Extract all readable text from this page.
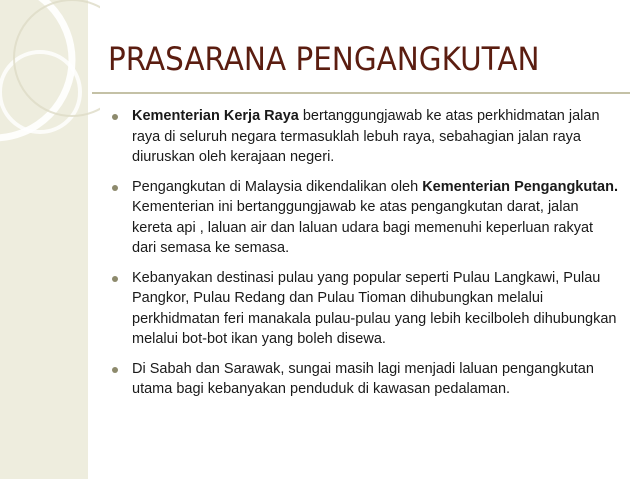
PRASARANA PENGANGKUTAN
Kementerian Kerja Raya bertanggungjawab ke atas perkhidmatan jalan raya di seluruh negara termasuklah lebuh raya, sebahagian jalan raya diuruskan oleh kerajaan negeri.
Pengangkutan di Malaysia dikendalikan oleh Kementerian Pengangkutan. Kementerian ini bertanggungjawab ke atas pengangkutan darat, jalan kereta api , laluan air dan laluan udara bagi memenuhi keperluan rakyat dari semasa ke semasa.
Kebanyakan destinasi pulau yang popular seperti Pulau Langkawi, Pulau Pangkor, Pulau Redang dan Pulau Tioman dihubungkan melalui perkhidmatan feri manakala pulau-pulau yang lebih kecilboleh dihubungkan melalui bot-bot ikan yang boleh disewa.
Di Sabah dan Sarawak, sungai masih lagi menjadi laluan pengangkutan utama bagi kebanyakan penduduk di kawasan pedalaman.
